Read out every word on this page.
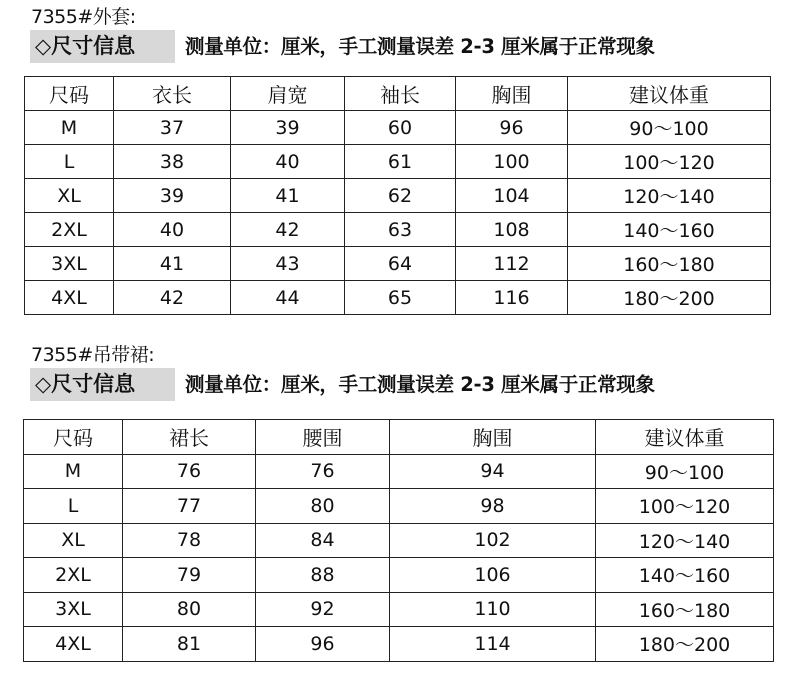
7355#外套:
◇尺寸信息	测量单位：厘米，手工测量误差 2-3 厘米属于正常现象
尺码	衣长	肩宽	袖长	胸围	建议体重
M	37	39	60	96	90～100
L	38	40	61	100	100～120
XL	39	41	62	104	120～140
2XL	40	42	63	108	140～160
3XL	41	43	64	112	160～180
4XL	42	44	65	116	180～200
7355#吊带裙:
◇尺寸信息	测量单位：厘米，手工测量误差 2-3 厘米属于正常现象
尺码	裙长	腰围	胸围	建议体重
M	76	76	94	90～100
L	77	80	98	100～120
XL	78	84	102	120～140
2XL	79	88	106	140～160
3XL	80	92	110	160～180
4XL	81	96	114	180～200
